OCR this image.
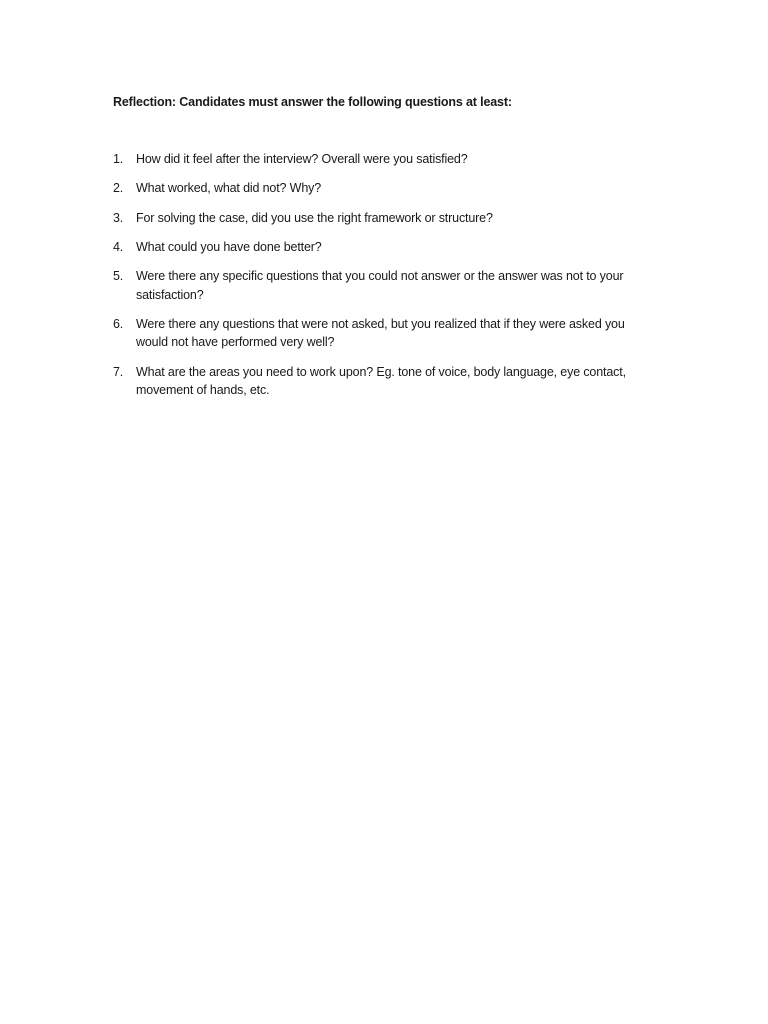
Reflection: Candidates must answer the following questions at least:
1.	How did it feel after the interview? Overall were you satisfied?
2.	What worked, what did not? Why?
3.	For solving the case, did you use the right framework or structure?
4.	What could you have done better?
5.	Were there any specific questions that you could not answer or the answer was not to your satisfaction?
6.	Were there any questions that were not asked, but you realized that if they were asked you would not have performed very well?
7.	What are the areas you need to work upon? Eg. tone of voice, body language, eye contact, movement of hands, etc.
